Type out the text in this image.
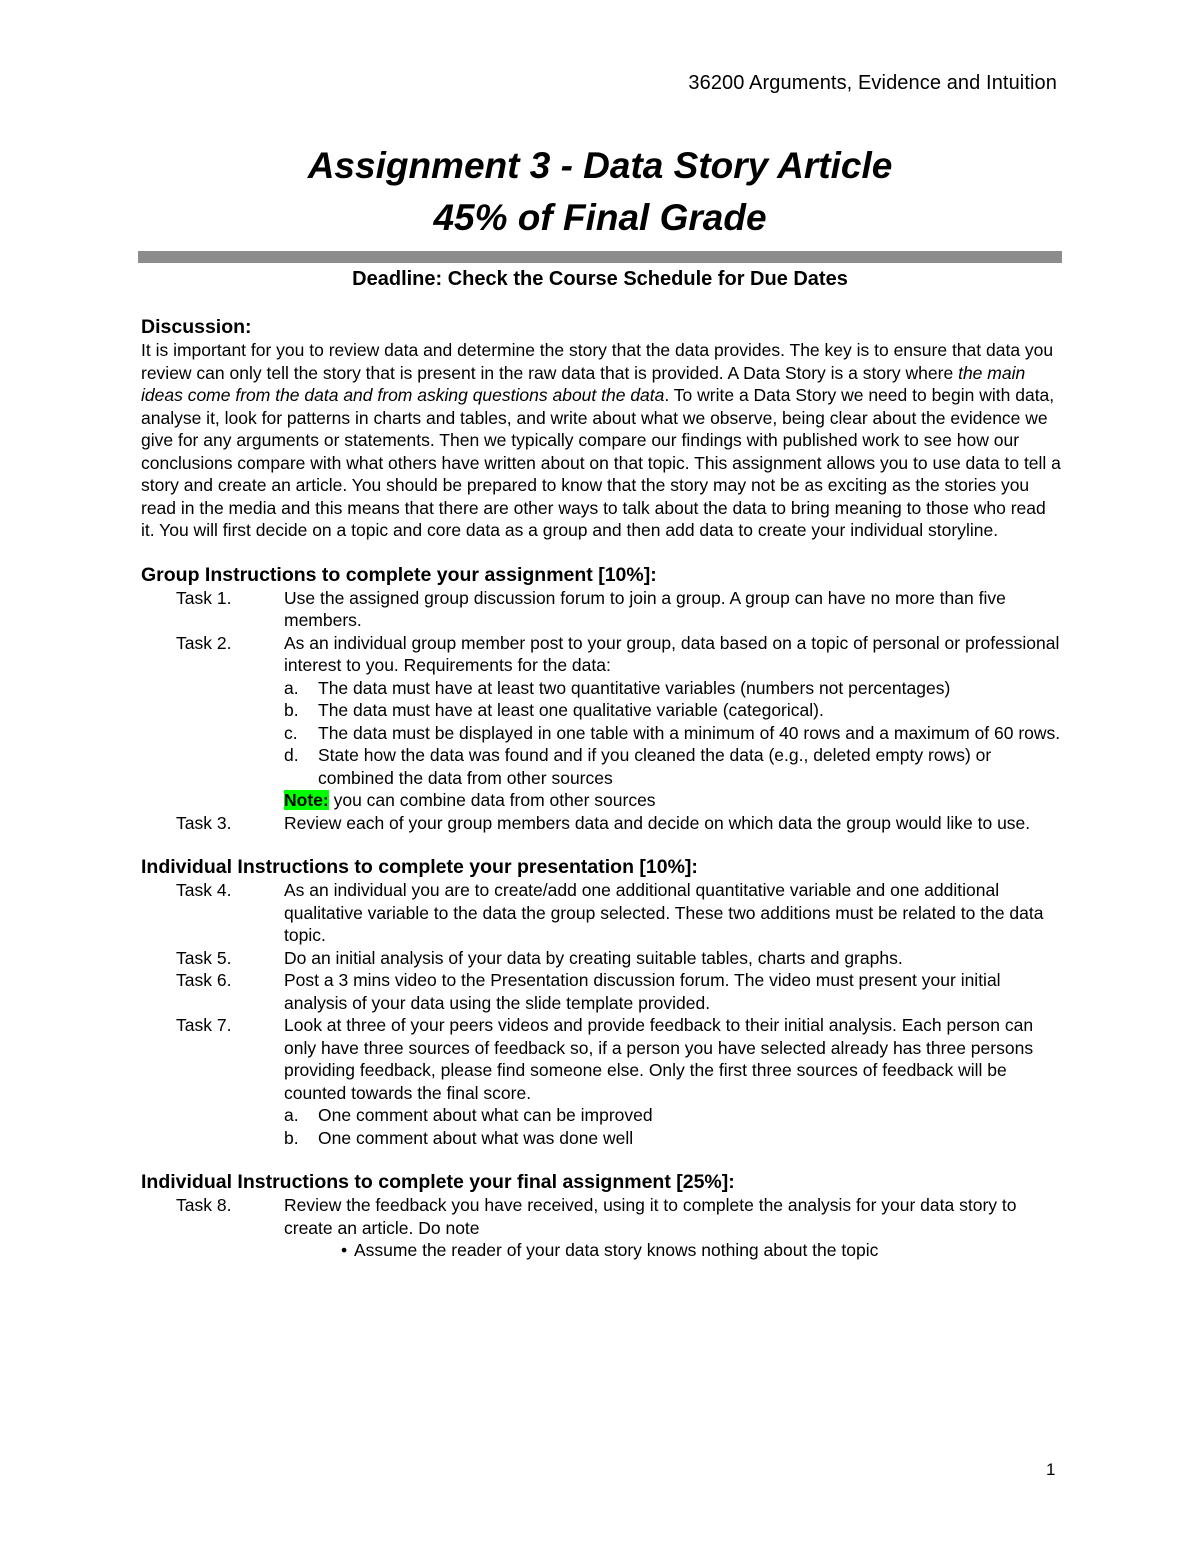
36200 Arguments, Evidence and Intuition
Assignment 3 - Data Story Article
45% of Final Grade
Deadline: Check the Course Schedule for Due Dates

Discussion:

It is important for you to review data and determine the story that the data provides. The key is to ensure that data you review can only tell the story that is present in the raw data that is provided. A Data Story is a story where the main ideas come from the data and from asking questions about the data. To write a Data Story we need to begin with data, analyse it, look for patterns in charts and tables, and write about what we observe, being clear about the evidence we give for any arguments or statements. Then we typically compare our findings with published work to see how our conclusions compare with what others have written about on that topic. This assignment allows you to use data to tell a story and create an article. You should be prepared to know that the story may not be as exciting as the stories you read in the media and this means that there are other ways to talk about the data to bring meaning to those who read it. You will first decide on a topic and core data as a group and then add data to create your individual storyline.

Group Instructions to complete your assignment [10%]:

Task 1.	Use the assigned group discussion forum to join a group. A group can have no more than five members.
Task 2.	As an individual group member post to your group, data based on a topic of personal or professional interest to you. Requirements for the data:
a.	The data must have at least two quantitative variables (numbers not percentages)
b.	The data must have at least one qualitative variable (categorical).
c.	The data must be displayed in one table with a minimum of 40 rows and a maximum of 60 rows.
d.	State how the data was found and if you cleaned the data (e.g., deleted empty rows) or combined the data from other sources
Note: you can combine data from other sources
Task 3.	Review each of your group members data and decide on which data the group would like to use.

Individual Instructions to complete your presentation [10%]:

Task 4.	As an individual you are to create/add one additional quantitative variable and one additional qualitative variable to the data the group selected. These two additions must be related to the data topic.
Task 5.	Do an initial analysis of your data by creating suitable tables, charts and graphs.
Task 6.	Post a 3 mins video to the Presentation discussion forum. The video must present your initial analysis of your data using the slide template provided.
Task 7.	Look at three of your peers videos and provide feedback to their initial analysis. Each person can only have three sources of feedback so, if a person you have selected already has three persons providing feedback, please find someone else. Only the first three sources of feedback will be counted towards the final score.
a.	One comment about what can be improved
b.	One comment about what was done well

Individual Instructions to complete your final assignment [25%]:

Task 8.	Review the feedback you have received, using it to complete the analysis for your data story to create an article. Do note
• Assume the reader of your data story knows nothing about the topic
1
